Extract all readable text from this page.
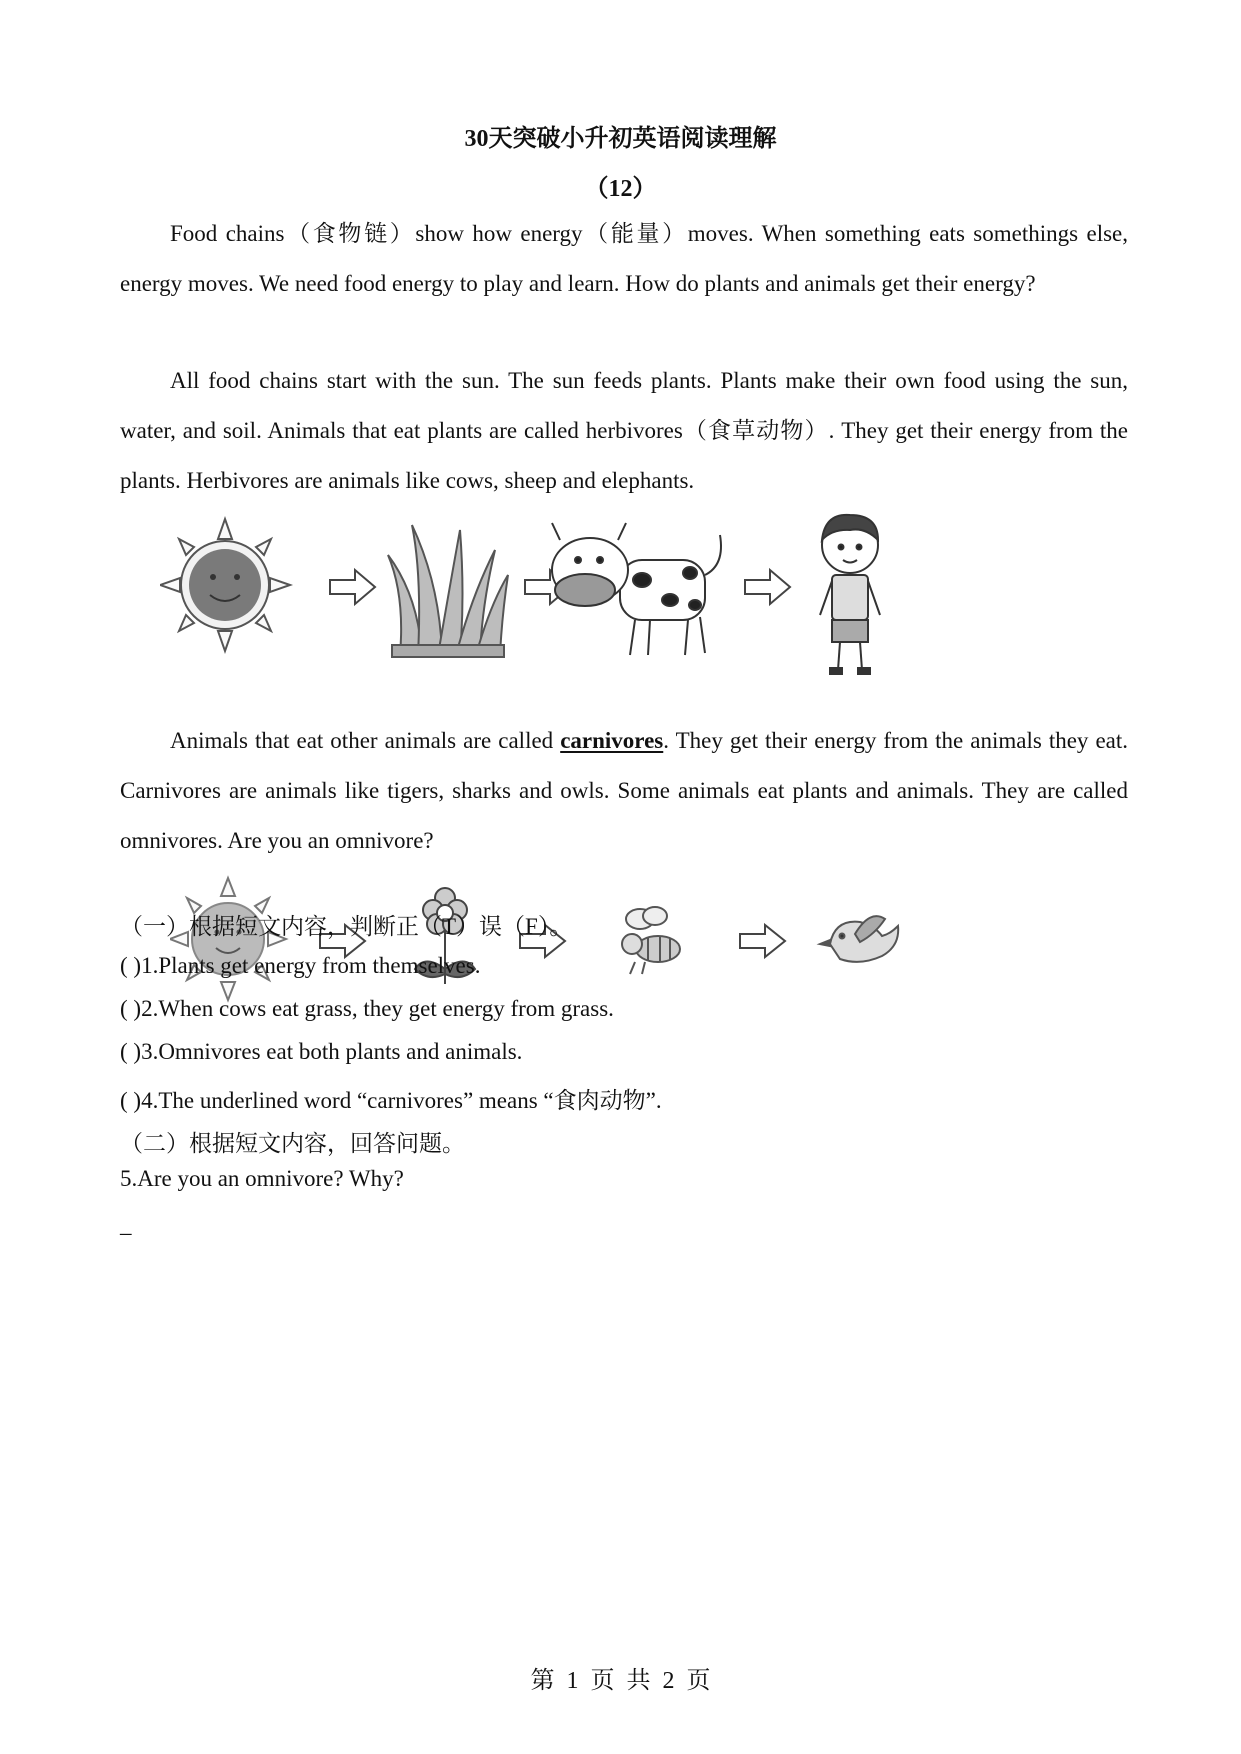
30天突破小升初英语阅读理解
（12）

Food chains（食物链）show how energy（能量）moves. When something eats somethings else, energy moves. We need food energy to play and learn. How do plants and animals get their energy?

All food chains start with the sun. The sun feeds plants. Plants make their own food using the sun, water, and soil. Animals that eat plants are called herbivores（食草动物）. They get their energy from the plants. Herbivores are animals like cows, sheep and elephants.

Animals that eat other animals are called carnivores. They get their energy from the animals they eat. Carnivores are animals like tigers, sharks and owls. Some animals eat plants and animals. They are called omnivores. Are you an omnivore?

（一）根据短文内容，判断正（T）误（F）。
( )1.Plants get energy from themselves.
( )2.When cows eat grass, they get energy from grass.
( )3.Omnivores eat both plants and animals.
( )4.The underlined word “carnivores” means “食肉动物”.
（二）根据短文内容，回答问题。
5.Are you an omnivore? Why?
_
第 1 页 共 2 页
